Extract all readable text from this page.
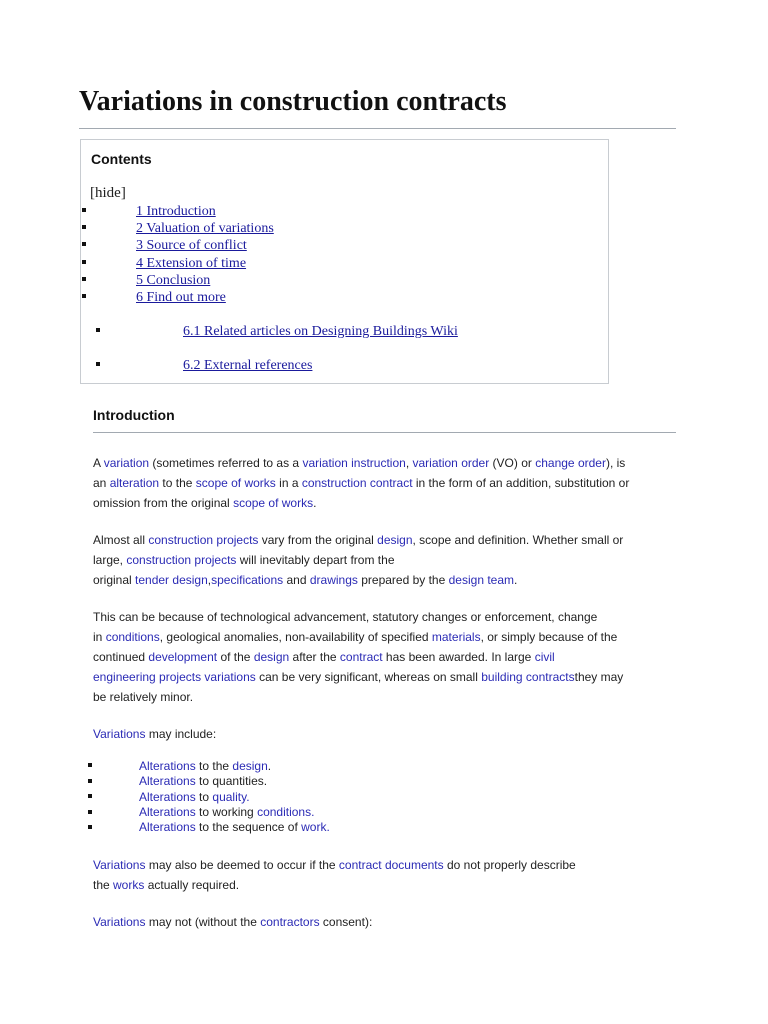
Variations in construction contracts
Contents
[hide]
1 Introduction
2 Valuation of variations
3 Source of conflict
4 Extension of time
5 Conclusion
6 Find out more
6.1 Related articles on Designing Buildings Wiki
6.2 External references
Introduction
A variation (sometimes referred to as a variation instruction, variation order (VO) or change order), is
an alteration to the scope of works in a construction contract in the form of an addition, substitution or
omission from the original scope of works.
Almost all construction projects vary from the original design, scope and definition. Whether small or
large, construction projects will inevitably depart from the
original tender design,specifications and drawings prepared by the design team.
This can be because of technological advancement, statutory changes or enforcement, change
in conditions, geological anomalies, non-availability of specified materials, or simply because of the
continued development of the design after the contract has been awarded. In large civil
engineering projects variations can be very significant, whereas on small building contractsthey may
be relatively minor.
Variations may include:
Alterations to the design.
Alterations to quantities.
Alterations to quality.
Alterations to working conditions.
Alterations to the sequence of work.
Variations may also be deemed to occur if the contract documents do not properly describe
the works actually required.
Variations may not (without the contractors consent):
